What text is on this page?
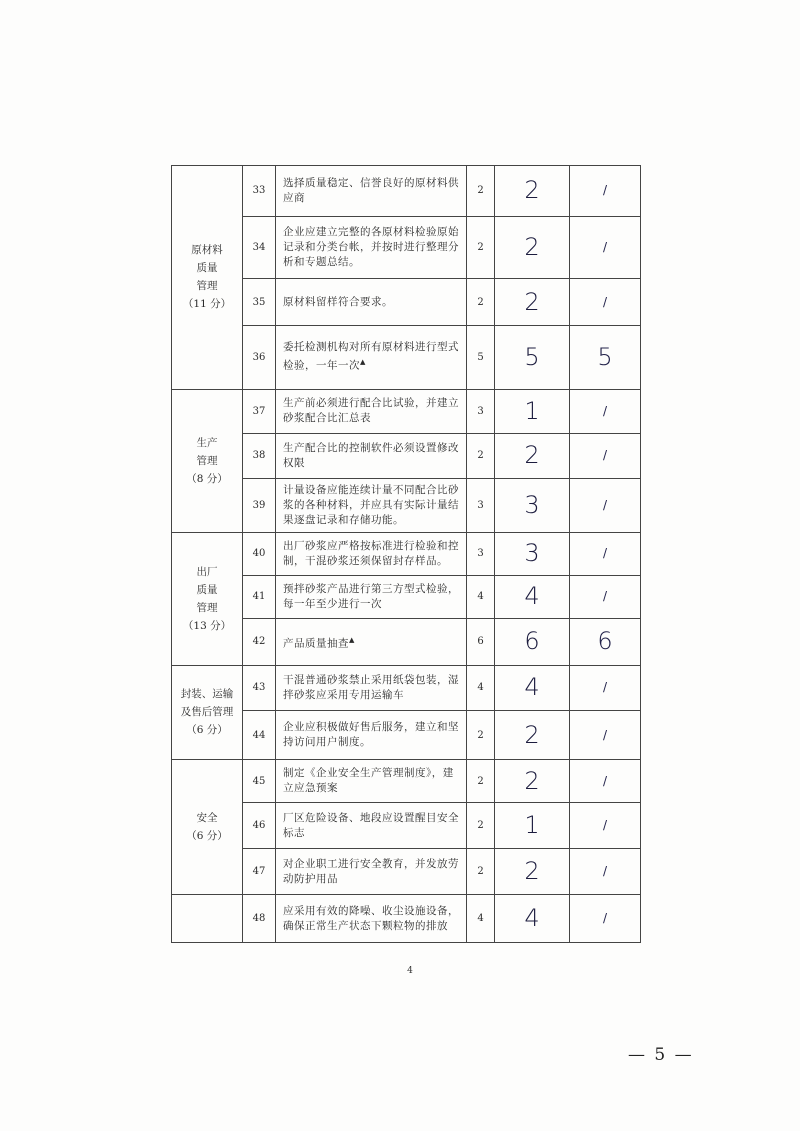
原材料
质量
管理
（11 分）	33	选择质量稳定、信誉良好的原材料供应商	2	2	/
	34	企业应建立完整的各原材料检验原始记录和分类台帐，并按时进行整理分析和专题总结。	2	2	/
	35	原材料留样符合要求。	2	2	/
	36	委托检测机构对所有原材料进行型式检验，一年一次▲	5	5	5

生产
管理
（8 分）	37	生产前必须进行配合比试验，并建立砂浆配合比汇总表	3	1	/
	38	生产配合比的控制软件必须设置修改权限	2	2	/
	39	计量设备应能连续计量不同配合比砂浆的各种材料，并应具有实际计量结果逐盘记录和存储功能。	3	3	/

出厂
质量
管理
（13 分）	40	出厂砂浆应严格按标准进行检验和控制，干混砂浆还须保留封存样品。	3	3	/
	41	预拌砂浆产品进行第三方型式检验，每一年至少进行一次	4	4	/
	42	产品质量抽查▲	6	6	6

封装、运输
及售后管理
（6 分）	43	干混普通砂浆禁止采用纸袋包装，湿拌砂浆应采用专用运输车	4	4	/
	44	企业应积极做好售后服务，建立和坚持访问用户制度。	2	2	/

安全
（6 分）	45	制定《企业安全生产管理制度》，建立应急预案	2	2	/
	46	厂区危险设备、地段应设置醒目安全标志	2	1	/
	47	对企业职工进行安全教育，并发放劳动防护用品	2	2	/
	48	应采用有效的降噪、收尘设施设备，确保正常生产状态下颗粒物的排放	4	4	/
4
— 5 —
